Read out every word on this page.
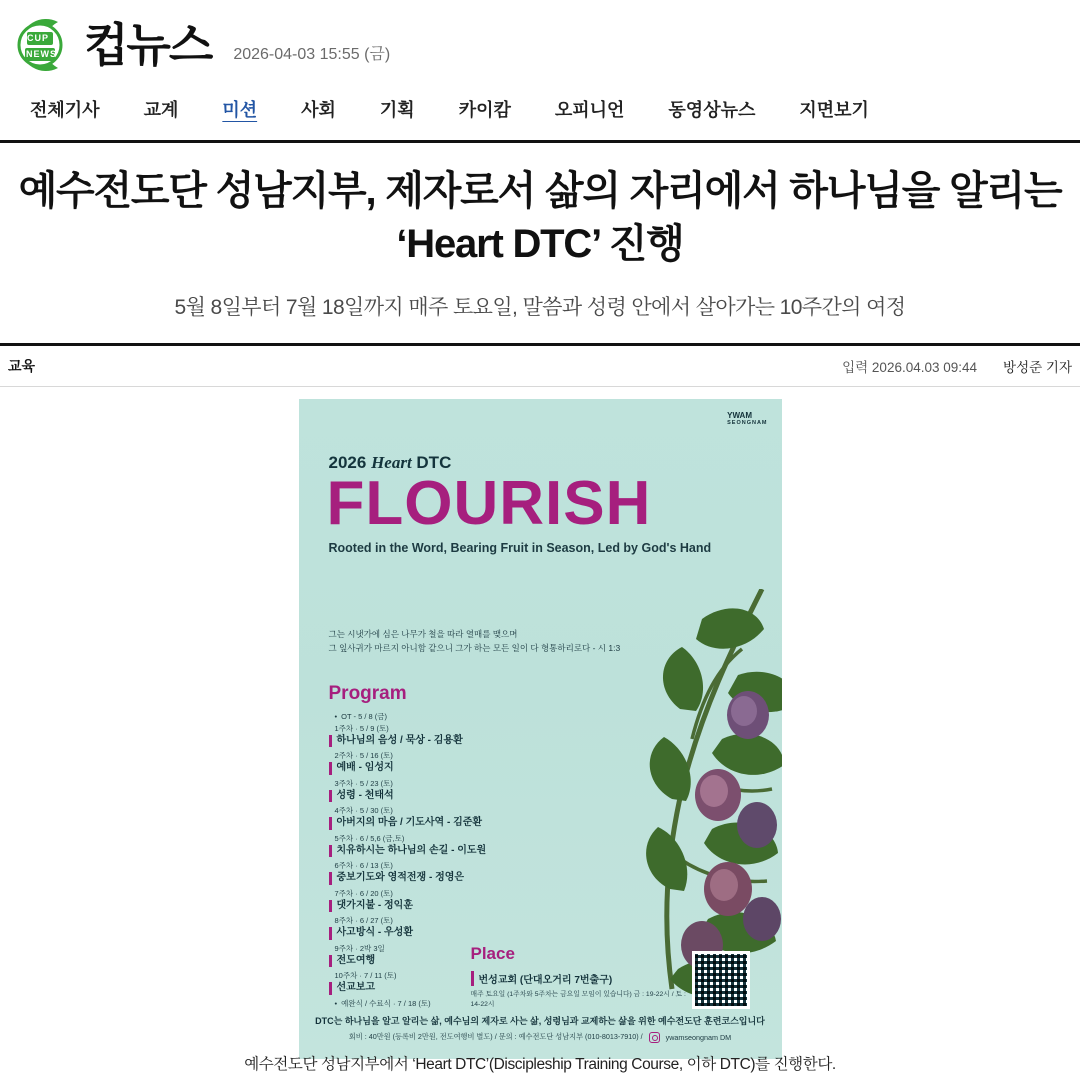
CUP
NEWS 컵뉴스 2026-04-03 15:55 (금)
전체기사	교계	미션	사회	기획	카이캄	오피니언	동영상뉴스	지면보기
예수전도단 성남지부, 제자로서 삶의 자리에서 하나님을 알리는 ‘Heart DTC’ 진행
5월 8일부터 7월 18일까지 매주 토요일, 말씀과 성령 안에서 살아가는 10주간의 여정
교육	입력 2026.04.03 09:44 방성준 기자
YWAM
SEONGNAM
2026 Heart DTC
FLOURISH
Rooted in the Word, Bearing Fruit in Season, Led by God's Hand
그는 시냇가에 심은 나무가 철을 따라 열매를 맺으며
그 잎사귀가 마르지 아니함 같으니 그가 하는 모든 일이 다 형통하리로다 - 시 1:3
Program
• OT - 5 / 8 (금)
1주차 · 5 / 9 (토)
하나님의 음성 / 묵상 - 김용환
2주차 · 5 / 16 (토)
예배 - 임성지
3주차 · 5 / 23 (토)
성령 - 천태석
4주차 · 5 / 30 (토)
아버지의 마음 / 기도사역 - 김준환
5주차 · 6 / 5,6 (금,토)
치유하시는 하나님의 손길 - 이도원
6주차 · 6 / 13 (토)
중보기도와 영적전쟁 - 정영은
7주차 · 6 / 20 (토)
댓가지불 - 정익훈
8주차 · 6 / 27 (토)
사고방식 - 우성환
9주차 · 2박 3일
전도여행
10주차 · 7 / 11 (토)
선교보고
• 예완식 / 수료식 · 7 / 18 (토)
Place
번성교회 (단대오거리 7번출구)
매주 토요일 (1주차와 5주차는 금요일 모임이 있습니다) 금 : 19-22시 / 토 : 14-22시
DTC는 하나님을 알고 알리는 삶, 예수님의 제자로 사는 삶, 성령님과 교제하는 삶을 위한 예수전도단 훈련코스입니다
회비 : 40만원 (등록비 2만원, 전도여행비 별도) / 문의 : 예수전도단 성남지부 (010-8013-7910) /	ywamseongnam DM
예수전도단 성남지부에서 ‘Heart DTC’(Discipleship Training Course, 이하 DTC)를 진행한다.
